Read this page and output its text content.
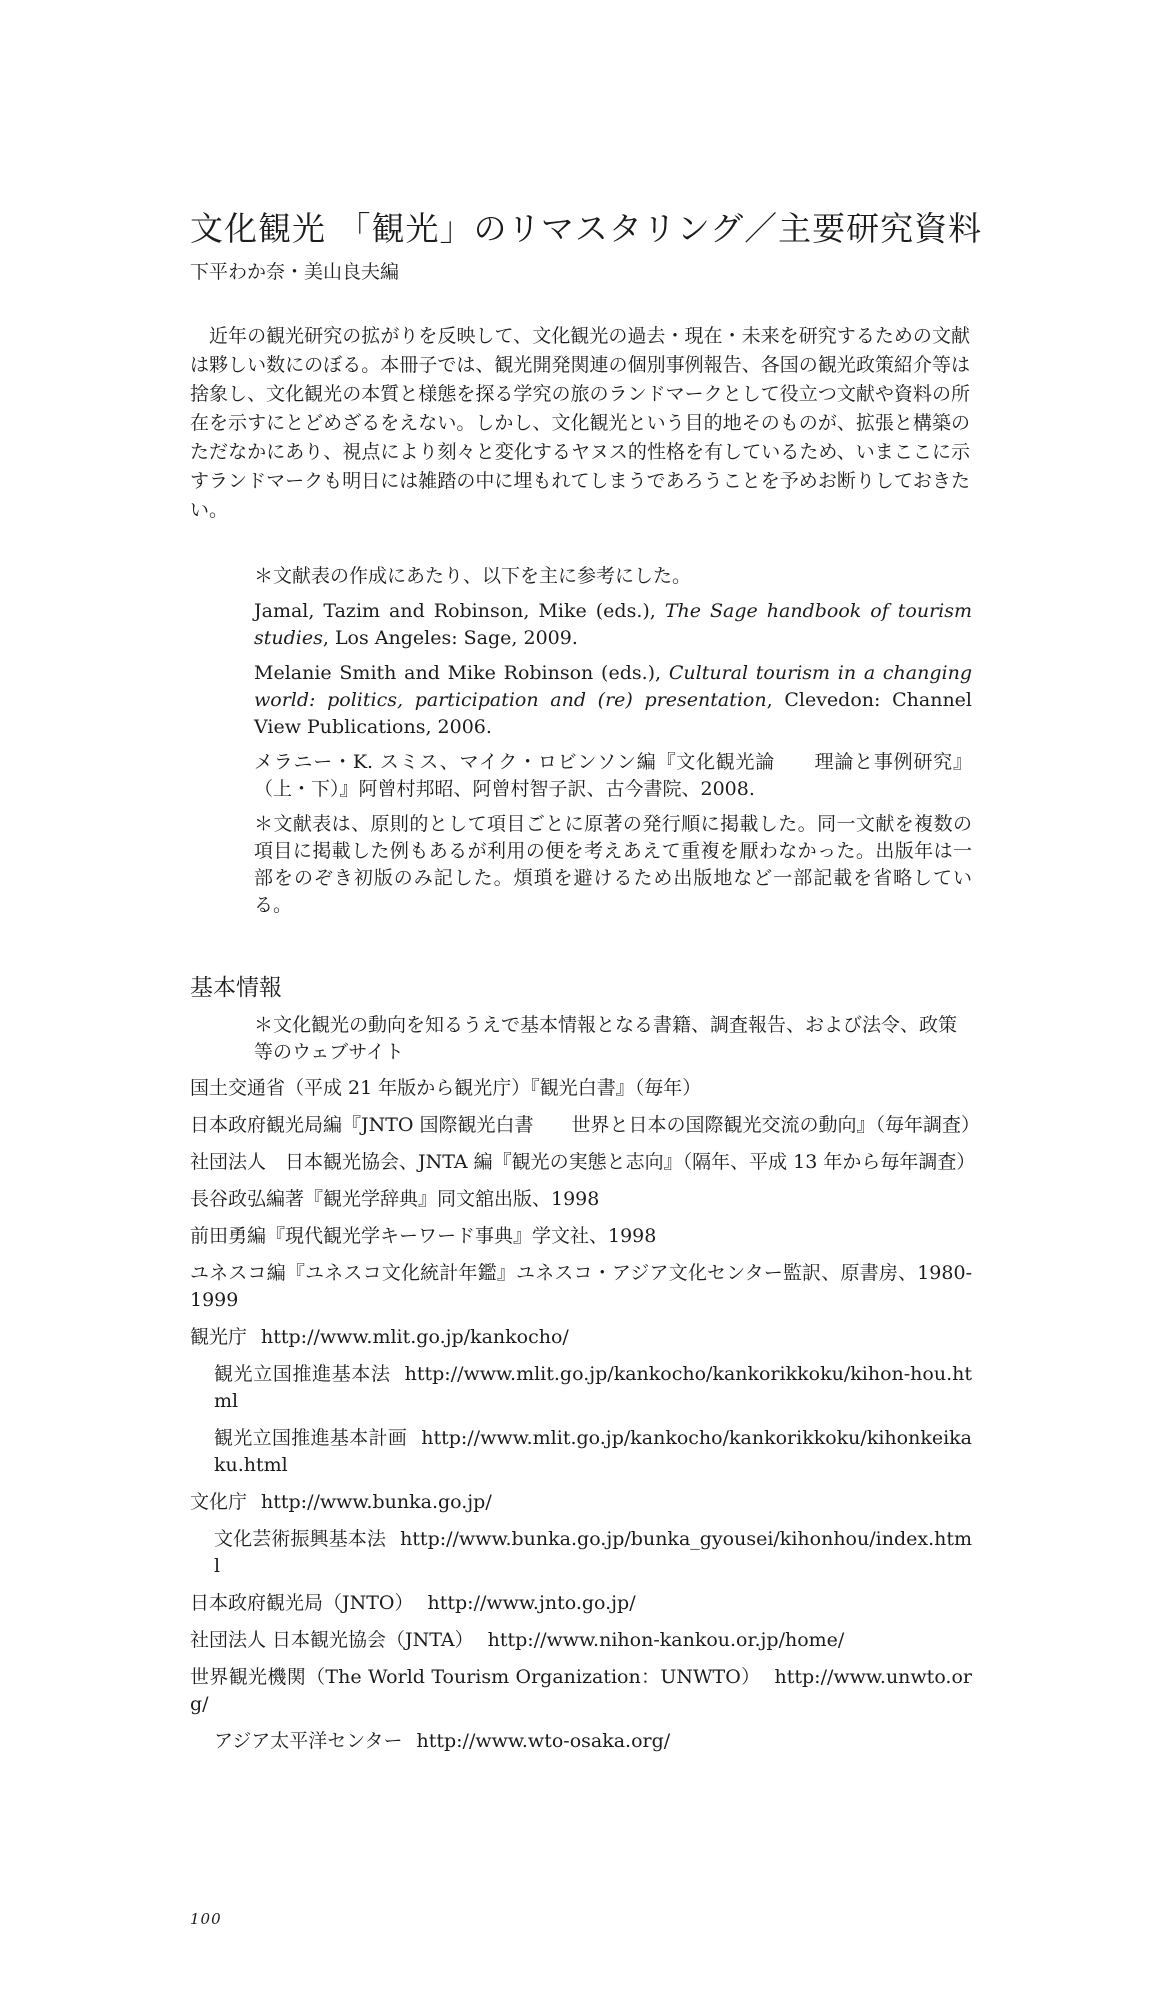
文化観光 「観光」のリマスタリング／主要研究資料
下平わか奈・美山良夫編

近年の観光研究の拡がりを反映して、文化観光の過去・現在・未来を研究するための文献は夥しい数にのぼる。本冊子では、観光開発関連の個別事例報告、各国の観光政策紹介等は捨象し、文化観光の本質と様態を探る学究の旅のランドマークとして役立つ文献や資料の所在を示すにとどめざるをえない。しかし、文化観光という目的地そのものが、拡張と構築のただなかにあり、視点により刻々と変化するヤヌス的性格を有しているため、いまここに示すランドマークも明日には雑踏の中に埋もれてしまうであろうことを予めお断りしておきたい。

＊文献表の作成にあたり、以下を主に参考にした。

Jamal, Tazim and Robinson, Mike (eds.), The Sage handbook of tourism studies, Los Angeles: Sage, 2009.

Melanie Smith and Mike Robinson (eds.), Cultural tourism in a changing world: politics, participation and (re) presentation, Clevedon: Channel View Publications, 2006.

メラニー・K. スミス、マイク・ロビンソン編『文化観光論　　理論と事例研究』（上・下）』阿曾村邦昭、阿曾村智子訳、古今書院、2008.

＊文献表は、原則的として項目ごとに原著の発行順に掲載した。同一文献を複数の項目に掲載した例もあるが利用の便を考えあえて重複を厭わなかった。出版年は一部をのぞき初版のみ記した。煩瑣を避けるため出版地など一部記載を省略している。

基本情報

＊文化観光の動向を知るうえで基本情報となる書籍、調査報告、および法令、政策等のウェブサイト

国土交通省（平成 21 年版から観光庁）『観光白書』（毎年）

日本政府観光局編『JNTO 国際観光白書　　世界と日本の国際観光交流の動向』（毎年調査）

社団法人　日本観光協会、JNTA 編『観光の実態と志向』（隔年、平成 13 年から毎年調査）

長谷政弘編著『観光学辞典』同文舘出版、1998

前田勇編『現代観光学キーワード事典』学文社、1998

ユネスコ編『ユネスコ文化統計年鑑』ユネスコ・アジア文化センター監訳、原書房、1980-1999

観光庁 http://www.mlit.go.jp/kankocho/

観光立国推進基本法 http://www.mlit.go.jp/kankocho/kankorikkoku/kihon-hou.html

観光立国推進基本計画 http://www.mlit.go.jp/kankocho/kankorikkoku/kihonkeikaku.html

文化庁 http://www.bunka.go.jp/

文化芸術振興基本法 http://www.bunka.go.jp/bunka_gyousei/kihonhou/index.html

日本政府観光局（JNTO） http://www.jnto.go.jp/

社団法人 日本観光協会（JNTA） http://www.nihon-kankou.or.jp/home/

世界観光機関（The World Tourism Organization：UNWTO） http://www.unwto.org/

アジア太平洋センター http://www.wto-osaka.org/

100
